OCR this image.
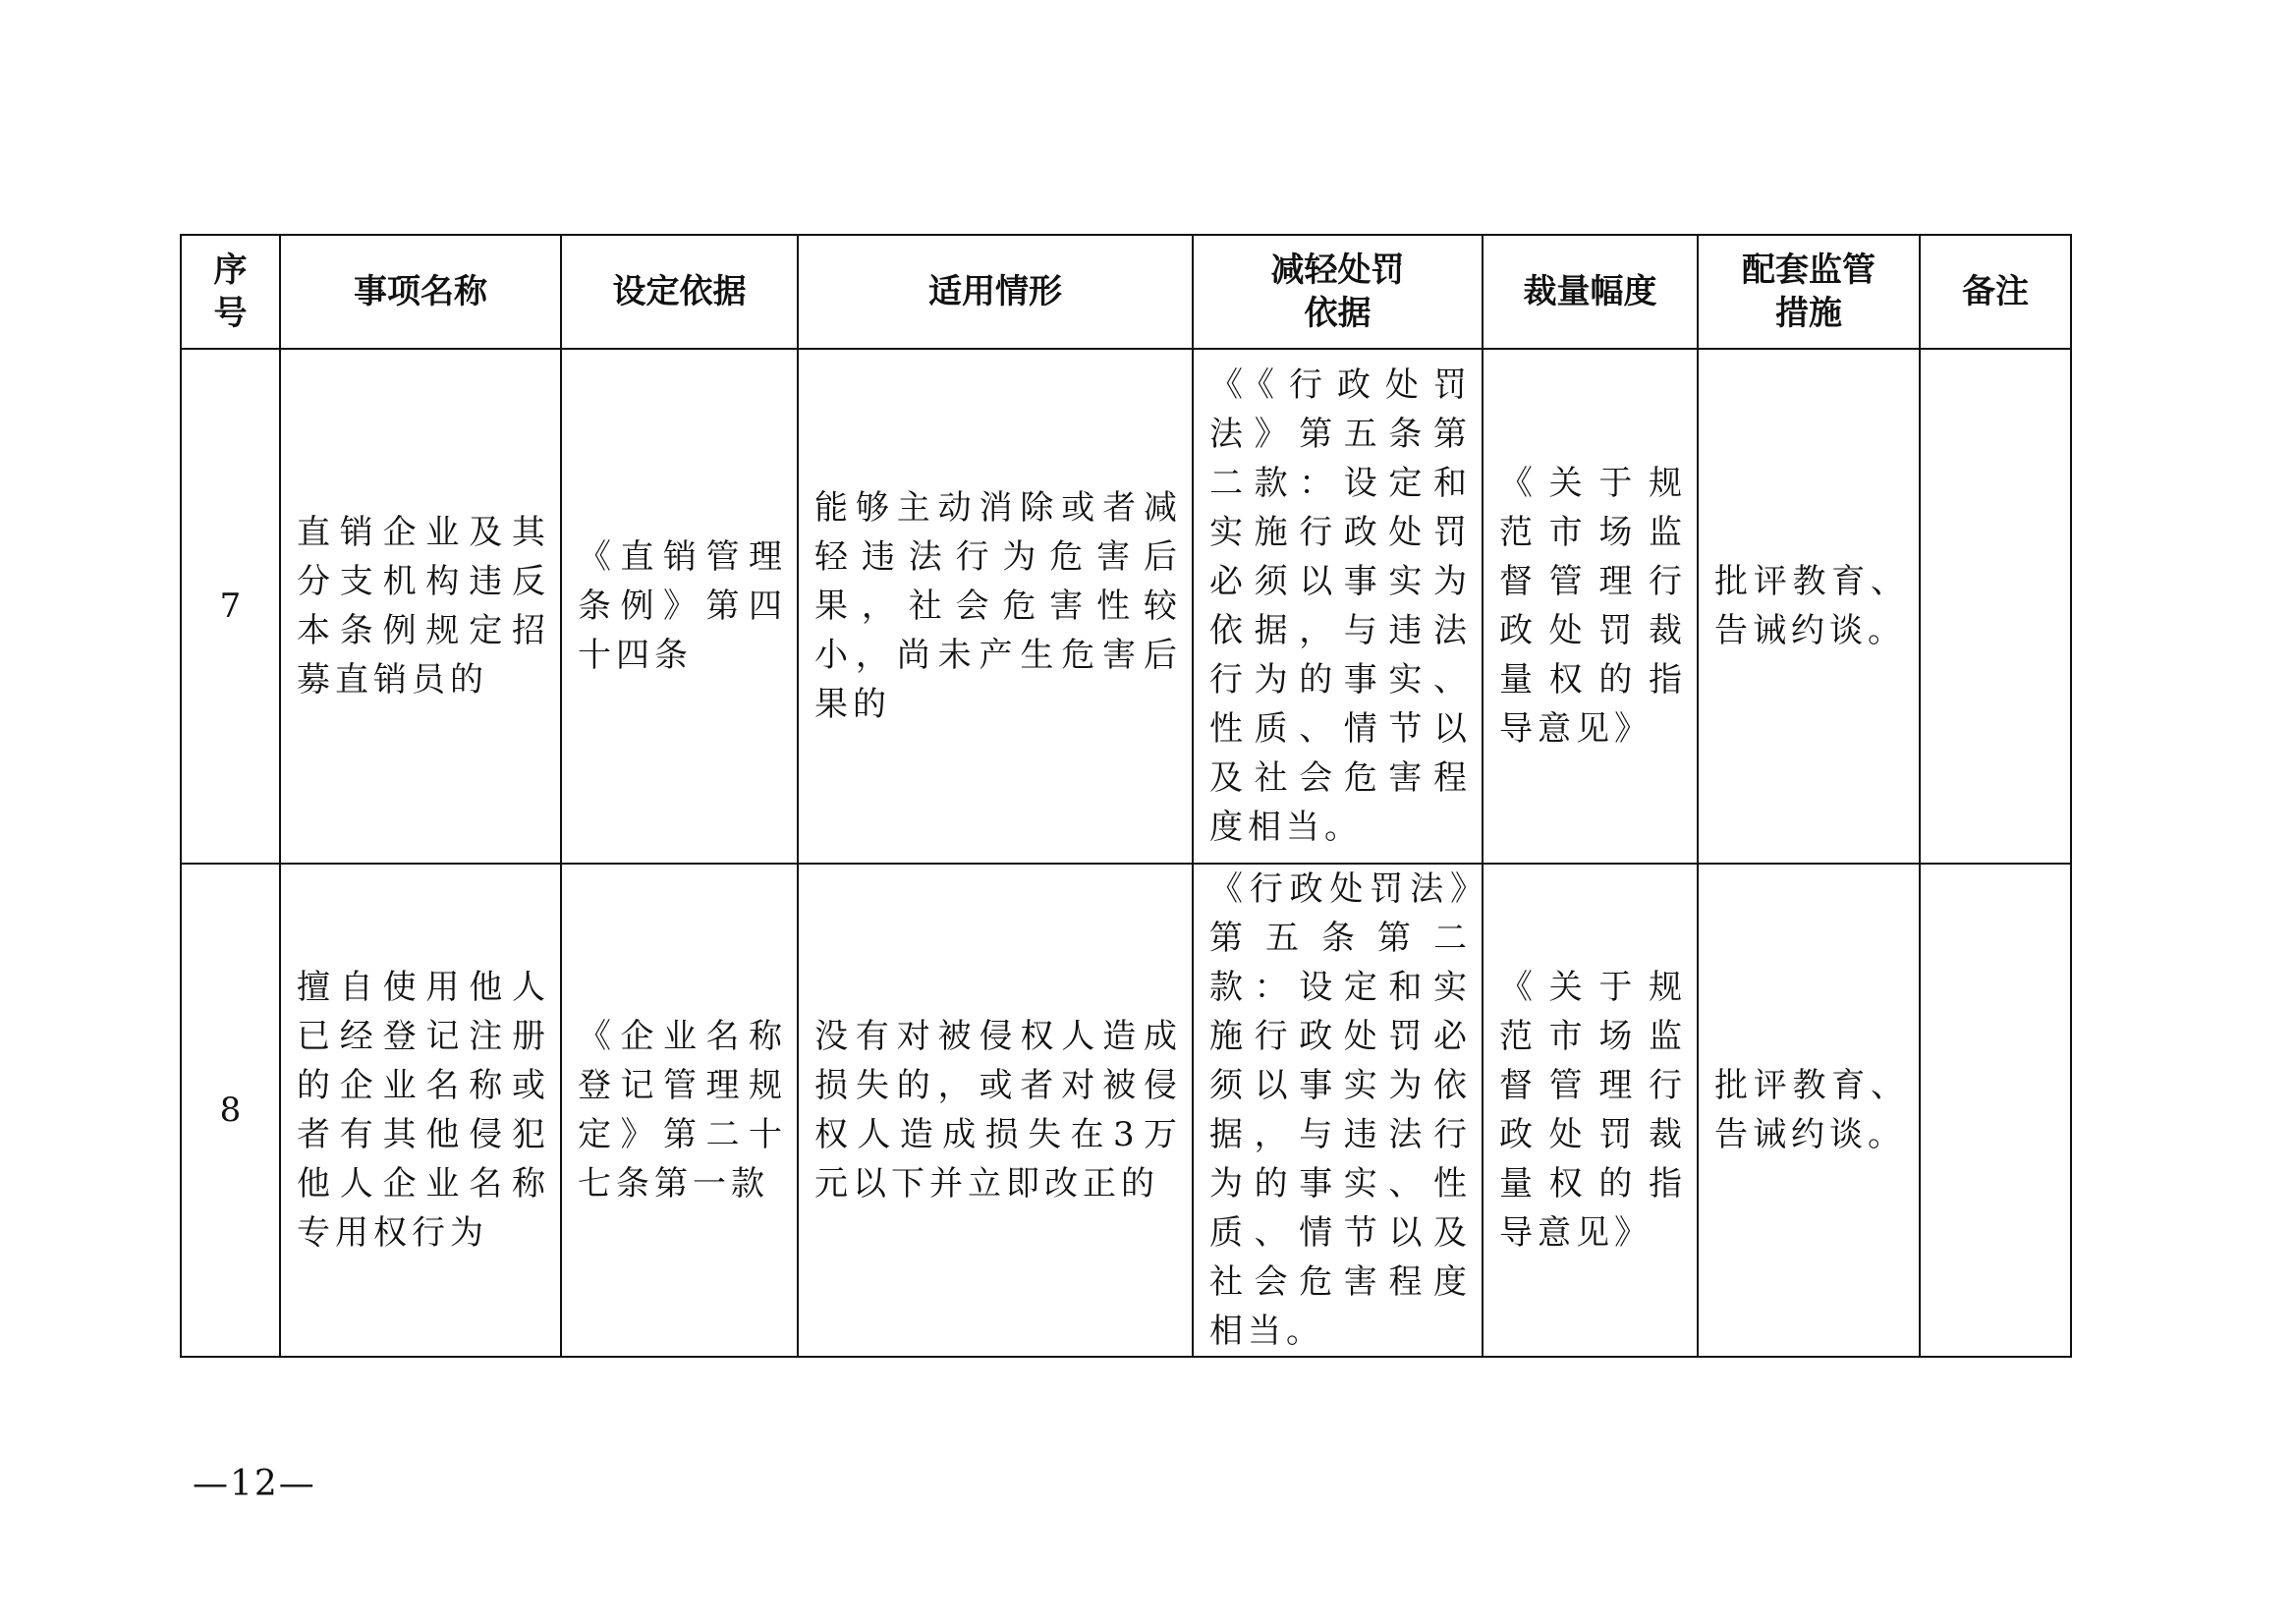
序号	事项名称	设定依据	适用情形	减轻处罚依据	裁量幅度	配套监管措施	备注
7	直销企业及其分支机构违反本条例规定招募直销员的	《直销管理条例》第四十四条	能够主动消除或者减轻违法行为危害后果，社会危害性较小，尚未产生危害后果的	《《行政处罚法》第五条第二款：设定和实施行政处罚必须以事实为依据，与违法行为的事实、性质、情节以及社会危害程度相当。	《关于规范市场监督管理行政处罚裁量权的指导意见》	批评教育、告诫约谈。	
8	擅自使用他人已经登记注册的企业名称或者有其他侵犯他人企业名称专用权行为	《企业名称登记管理规定》第二十七条第一款	没有对被侵权人造成损失的，或者对被侵权人造成损失在3万元以下并立即改正的	《行政处罚法》第五条第二款：设定和实施行政处罚必须以事实为依据，与违法行为的事实、性质、情节以及社会危害程度相当。	《关于规范市场监督管理行政处罚裁量权的指导意见》	批评教育、告诫约谈。	
—12—
